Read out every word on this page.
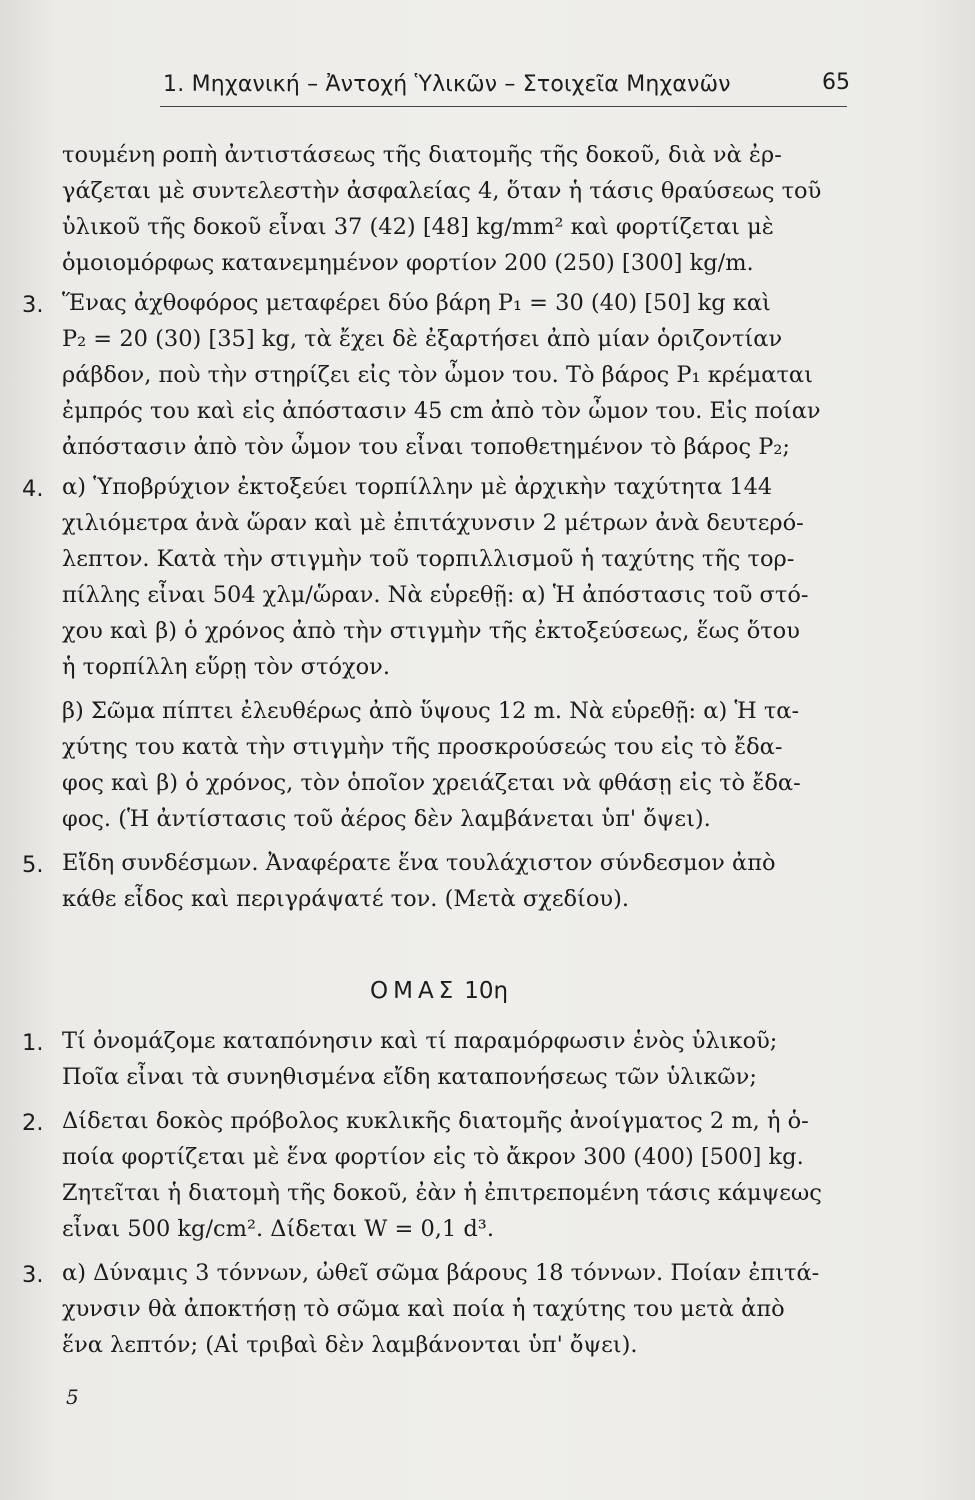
1. Μηχανική – Ἀντοχή Ὑλικῶν – Στοιχεῖα Μηχανῶν	65
τουμένη ροπὴ ἀντιστάσεως τῆς διατομῆς τῆς δοκοῦ, διὰ νὰ ἐρ-
γάζεται μὲ συντελεστὴν ἀσφαλείας 4, ὅταν ἡ τάσις θραύσεως τοῦ
ὑλικοῦ τῆς δοκοῦ εἶναι 37 (42) [48] kg/mm² καὶ φορτίζεται μὲ
ὁμοιομόρφως κατανεμημένον φορτίον 200 (250) [300] kg/m.
3. Ἕνας ἀχθοφόρος μεταφέρει δύο βάρη P₁ = 30 (40) [50] kg καὶ
P₂ = 20 (30) [35] kg, τὰ ἔχει δὲ ἐξαρτήσει ἀπὸ μίαν ὁριζοντίαν
ράβδον, ποὺ τὴν στηρίζει εἰς τὸν ὦμον του. Τὸ βάρος P₁ κρέμαται
ἐμπρός του καὶ εἰς ἀπόστασιν 45 cm ἀπὸ τὸν ὦμον του. Εἰς ποίαν
ἀπόστασιν ἀπὸ τὸν ὦμον του εἶναι τοποθετημένον τὸ βάρος P₂;
4. α) Ὑποβρύχιον ἐκτοξεύει τορπίλλην μὲ ἀρχικὴν ταχύτητα 144
χιλιόμετρα ἀνὰ ὥραν καὶ μὲ ἐπιτάχυνσιν 2 μέτρων ἀνὰ δευτερό-
λεπτον. Κατὰ τὴν στιγμὴν τοῦ τορπιλλισμοῦ ἡ ταχύτης τῆς τορ-
πίλλης εἶναι 504 χλμ/ὥραν. Νὰ εὑρεθῇ: α) Ἡ ἀπόστασις τοῦ στό-
χου καὶ β) ὁ χρόνος ἀπὸ τὴν στιγμὴν τῆς ἐκτοξεύσεως, ἕως ὅτου
ἡ τορπίλλη εὕρῃ τὸν στόχον.
β) Σῶμα πίπτει ἐλευθέρως ἀπὸ ὕψους 12 m. Νὰ εὑρεθῇ: α) Ἡ τα-
χύτης του κατὰ τὴν στιγμὴν τῆς προσκρούσεώς του εἰς τὸ ἔδα-
φος καὶ β) ὁ χρόνος, τὸν ὁποῖον χρειάζεται νὰ φθάσῃ εἰς τὸ ἔδα-
φος. (Ἡ ἀντίστασις τοῦ ἀέρος δὲν λαμβάνεται ὑπ' ὄψει).
5. Εἴδη συνδέσμων. Ἀναφέρατε ἕνα τουλάχιστον σύνδεσμον ἀπὸ
κάθε εἶδος καὶ περιγράψατέ τον. (Μετὰ σχεδίου).
ΟΜΑΣ 10η
1. Τί ὀνομάζομε καταπόνησιν καὶ τί παραμόρφωσιν ἑνὸς ὑλικοῦ;
Ποῖα εἶναι τὰ συνηθισμένα εἴδη καταπονήσεως τῶν ὑλικῶν;
2. Δίδεται δοκὸς πρόβολος κυκλικῆς διατομῆς ἀνοίγματος 2 m, ἡ ὁ-
ποία φορτίζεται μὲ ἕνα φορτίον εἰς τὸ ἄκρον 300 (400) [500] kg.
Ζητεῖται ἡ διατομὴ τῆς δοκοῦ, ἐὰν ἡ ἐπιτρεπομένη τάσις κάμψεως
εἶναι 500 kg/cm². Δίδεται W = 0,1 d³.
3. α) Δύναμις 3 τόννων, ὠθεῖ σῶμα βάρους 18 τόννων. Ποίαν ἐπιτά-
χυνσιν θὰ ἀποκτήσῃ τὸ σῶμα καὶ ποία ἡ ταχύτης του μετὰ ἀπὸ
ἕνα λεπτόν; (Αἱ τριβαὶ δὲν λαμβάνονται ὑπ' ὄψει).
5
